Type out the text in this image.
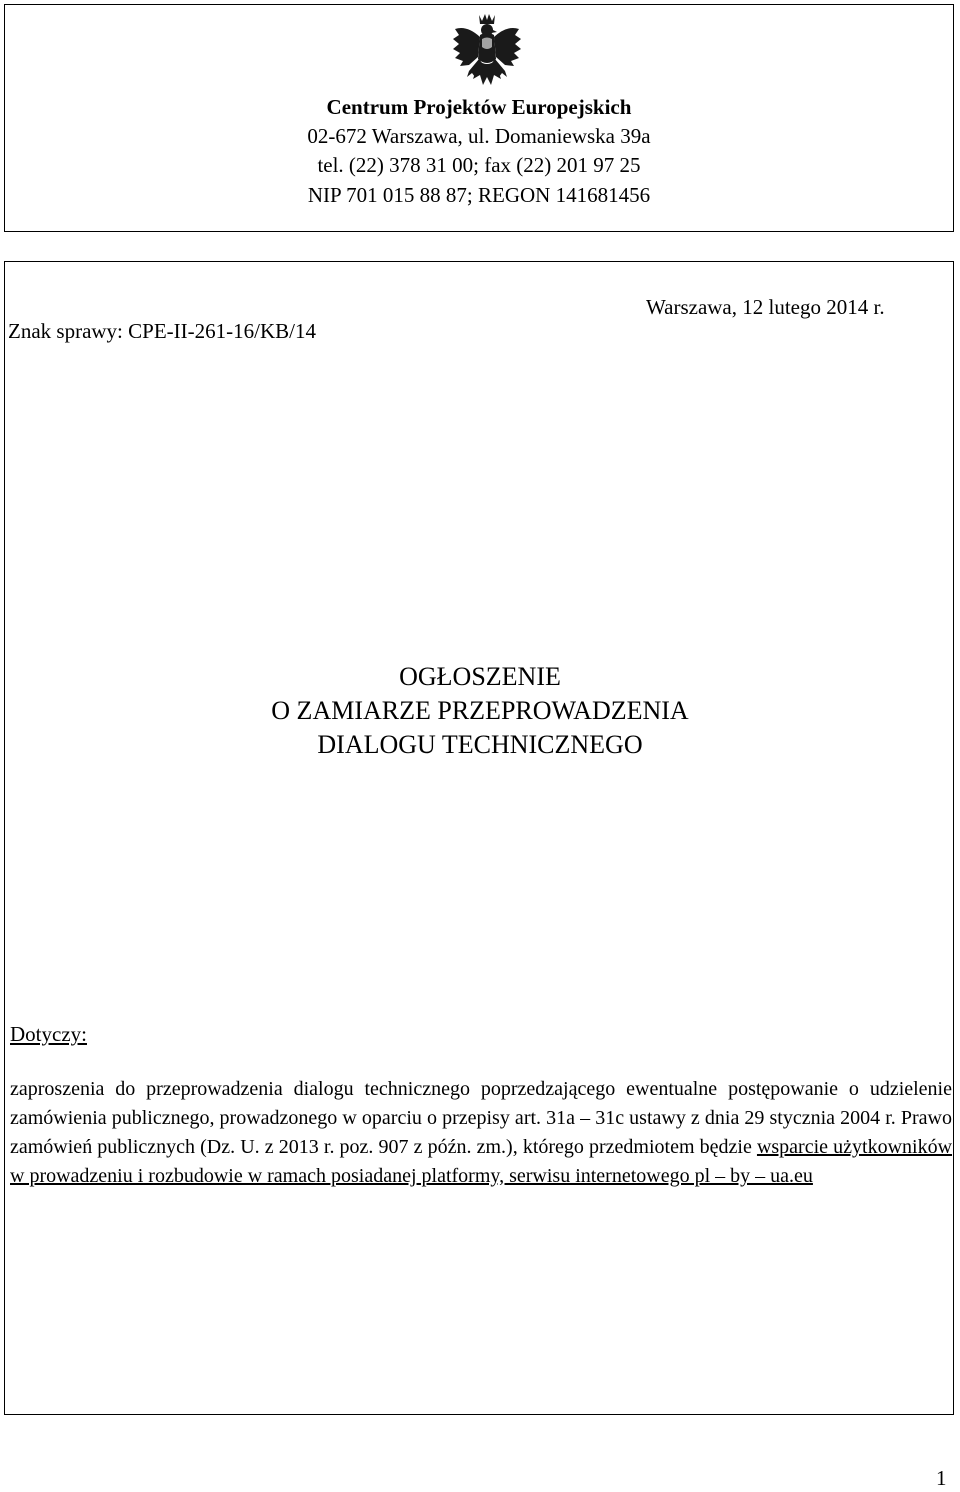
Centrum Projektów Europejskich
02-672 Warszawa, ul. Domaniewska 39a
tel. (22) 378 31 00; fax (22) 201 97 25
NIP 701 015 88 87; REGON 141681456
Warszawa, 12 lutego 2014 r.
Znak sprawy: CPE-II-261-16/KB/14
OGŁOSZENIE
O ZAMIARZE PRZEPROWADZENIA
DIALOGU TECHNICZNEGO
Dotyczy:

zaproszenia do przeprowadzenia dialogu technicznego poprzedzającego ewentualne postępowanie o udzielenie zamówienia publicznego, prowadzonego w oparciu o przepisy art. 31a – 31c ustawy z dnia 29 stycznia 2004 r. Prawo zamówień publicznych (Dz. U. z 2013 r. poz. 907 z późn. zm.), którego przedmiotem będzie wsparcie użytkowników w prowadzeniu i rozbudowie w ramach posiadanej platformy, serwisu internetowego pl – by – ua.eu

1
